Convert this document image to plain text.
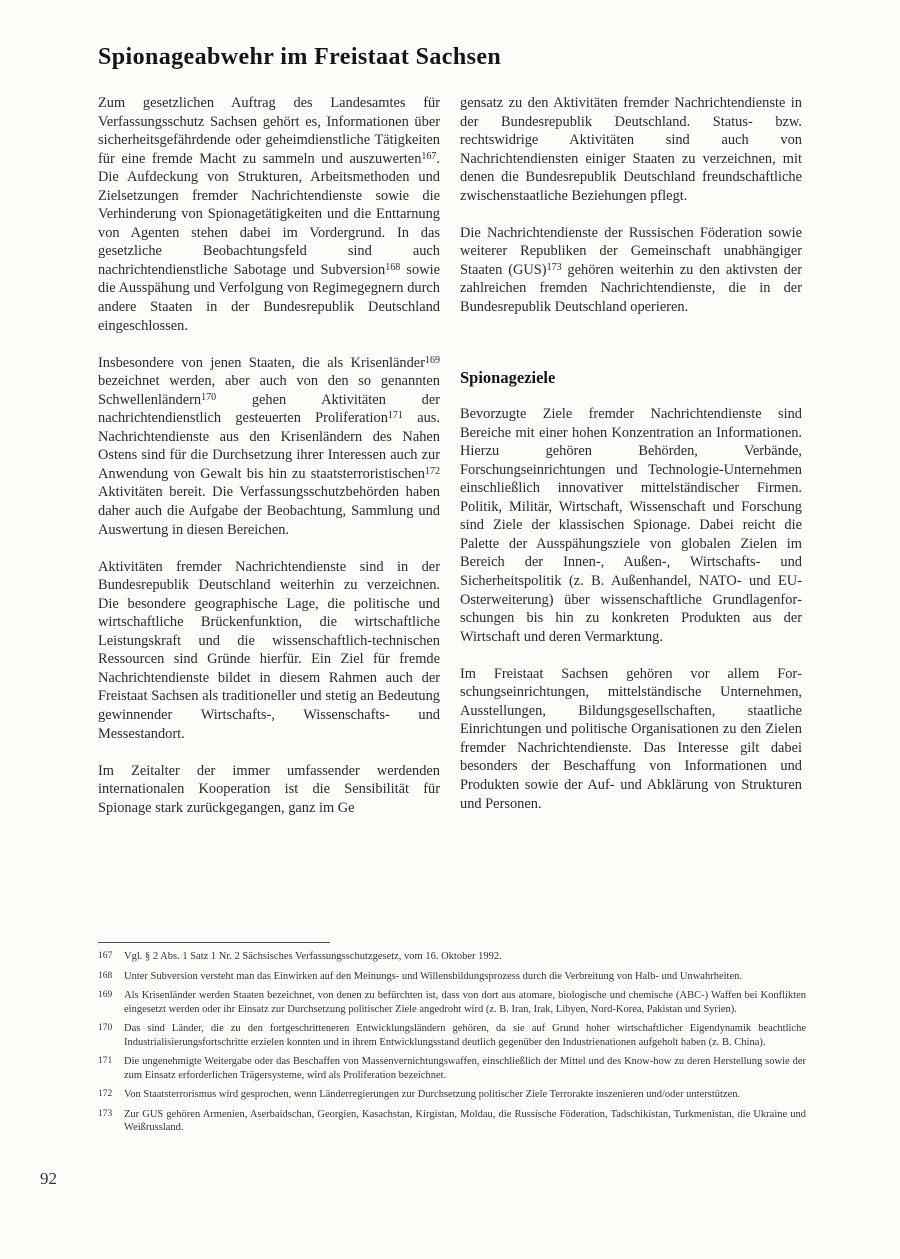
Spionageabwehr im Freistaat Sachsen

Zum gesetzlichen Auftrag des Landesamtes für Verfassungsschutz Sachsen gehört es, Informationen über sicherheitsgefährdende oder geheimdienstliche Tätigkeiten für eine fremde Macht zu sammeln und auszuwerten$^{167}$. Die Aufdeckung von Strukturen, Arbeitsmethoden und Zielsetzungen fremder Nachrichtendienste sowie die Verhinderung von Spionagetätigkeiten und die Enttarnung von Agenten stehen dabei im Vordergrund. In das gesetzliche Beobachtungsfeld sind auch nachrichtendienstliche Sabotage und Subversion$^{168}$ sowie die Ausspähung und Verfolgung von Regimegegnern durch andere Staaten in der Bundesrepublik Deutschland eingeschlossen.

Insbesondere von jenen Staaten, die als Krisenländer$^{169}$ bezeichnet werden, aber auch von den so genannten Schwellenländern$^{170}$ gehen Aktivitäten der nachrichtendienstlich gesteuerten Proliferation$^{171}$ aus. Nachrichtendienste aus den Krisenländern des Nahen Ostens sind für die Durchsetzung ihrer Interessen auch zur Anwendung von Gewalt bis hin zu staatsterroristischen$^{172}$ Aktivitäten bereit. Die Verfassungsschutzbehörden haben daher auch die Aufgabe der Beobachtung, Sammlung und Auswertung in diesen Bereichen.

Aktivitäten fremder Nachrichtendienste sind in der Bundesrepublik Deutschland weiterhin zu verzeichnen. Die besondere geographische Lage, die politische und wirtschaftliche Brückenfunktion, die wirtschaftliche Leistungskraft und die wissenschaftlich-technischen Ressourcen sind Gründe hierfür. Ein Ziel für fremde Nachrichtendienste bildet in diesem Rahmen auch der Freistaat Sachsen als traditioneller und stetig an Bedeutung gewinnender Wirtschafts-, Wissenschafts- und Messestandort.

Im Zeitalter der immer umfassender werdenden internationalen Kooperation ist die Sensibilität für Spionage stark zurückgegangen, ganz im Ge

gensatz zu den Aktivitäten fremder Nachrichtendienste in der Bundesrepublik Deutschland. Status- bzw. rechtswidrige Aktivitäten sind auch von Nachrichtendiensten einiger Staaten zu verzeichnen, mit denen die Bundesrepublik Deutschland freundschaftliche zwischenstaatliche Beziehungen pflegt.

Die Nachrichtendienste der Russischen Föderation sowie weiterer Republiken der Gemeinschaft unabhängiger Staaten (GUS)$^{173}$ gehören weiterhin zu den aktivsten der zahlreichen fremden Nachrichtendienste, die in der Bundesrepublik Deutschland operieren.

Spionageziele

Bevorzugte Ziele fremder Nachrichtendienste sind Bereiche mit einer hohen Konzentration an Informationen. Hierzu gehören Behörden, Verbände, Forschungseinrichtungen und Technologie-Unternehmen einschließlich innovativer mittelständischer Firmen. Politik, Militär, Wirtschaft, Wissenschaft und Forschung sind Ziele der klassischen Spionage. Dabei reicht die Palette der Ausspähungsziele von globalen Zielen im Bereich der Innen-, Außen-, Wirtschafts- und Sicherheitspolitik (z. B. Außenhandel, NATO- und EU-Osterweiterung) über wissenschaftliche Grundlagenforschungen bis hin zu konkreten Produkten aus der Wirtschaft und deren Vermarktung.

Im Freistaat Sachsen gehören vor allem Forschungseinrichtungen, mittelständische Unternehmen, Ausstellungen, Bildungsgesellschaften, staatliche Einrichtungen und politische Organisationen zu den Zielen fremder Nachrichtendienste. Das Interesse gilt dabei besonders der Beschaffung von Informationen und Produkten sowie der Auf- und Abklärung von Strukturen und Personen.

167	Vgl. § 2 Abs. 1 Satz 1 Nr. 2 Sächsisches Verfassungsschutzgesetz, vom 16. Oktober 1992.
168	Unter Subversion versteht man das Einwirken auf den Meinungs- und Willensbildungsprozess durch die Verbreitung von Halb- und Unwahrheiten.
169	Als Krisenländer werden Staaten bezeichnet, von denen zu befürchten ist, dass von dort aus atomare, biologische und chemische (ABC-) Waffen bei Konflikten eingesetzt werden oder ihr Einsatz zur Durchsetzung politischer Ziele angedroht wird (z. B. Iran, Irak, Libyen, Nord-Korea, Pakistan und Syrien).
170	Das sind Länder, die zu den fortgeschritteneren Entwicklungsländern gehören, da sie auf Grund hoher wirtschaftlicher Eigendynamik beachtliche Industrialisierungsfortschritte erzielen konnten und in ihrem Entwicklungsstand deutlich gegenüber den Industrienationen aufgeholt haben (z. B. China).
171	Die ungenehmigte Weitergabe oder das Beschaffen von Massenvernichtungswaffen, einschließlich der Mittel und des Know-how zu deren Herstellung sowie der zum Einsatz erforderlichen Trägersysteme, wird als Proliferation bezeichnet.
172	Von Staatsterrorismus wird gesprochen, wenn Länderregierungen zur Durchsetzung politischer Ziele Terrorakte inszenieren und/oder unterstützen.
173	Zur GUS gehören Armenien, Aserbaidschan, Georgien, Kasachstan, Kirgistan, Moldau, die Russische Föderation, Tadschikistan, Turkmenistan, die Ukraine und Weißrussland.
92
